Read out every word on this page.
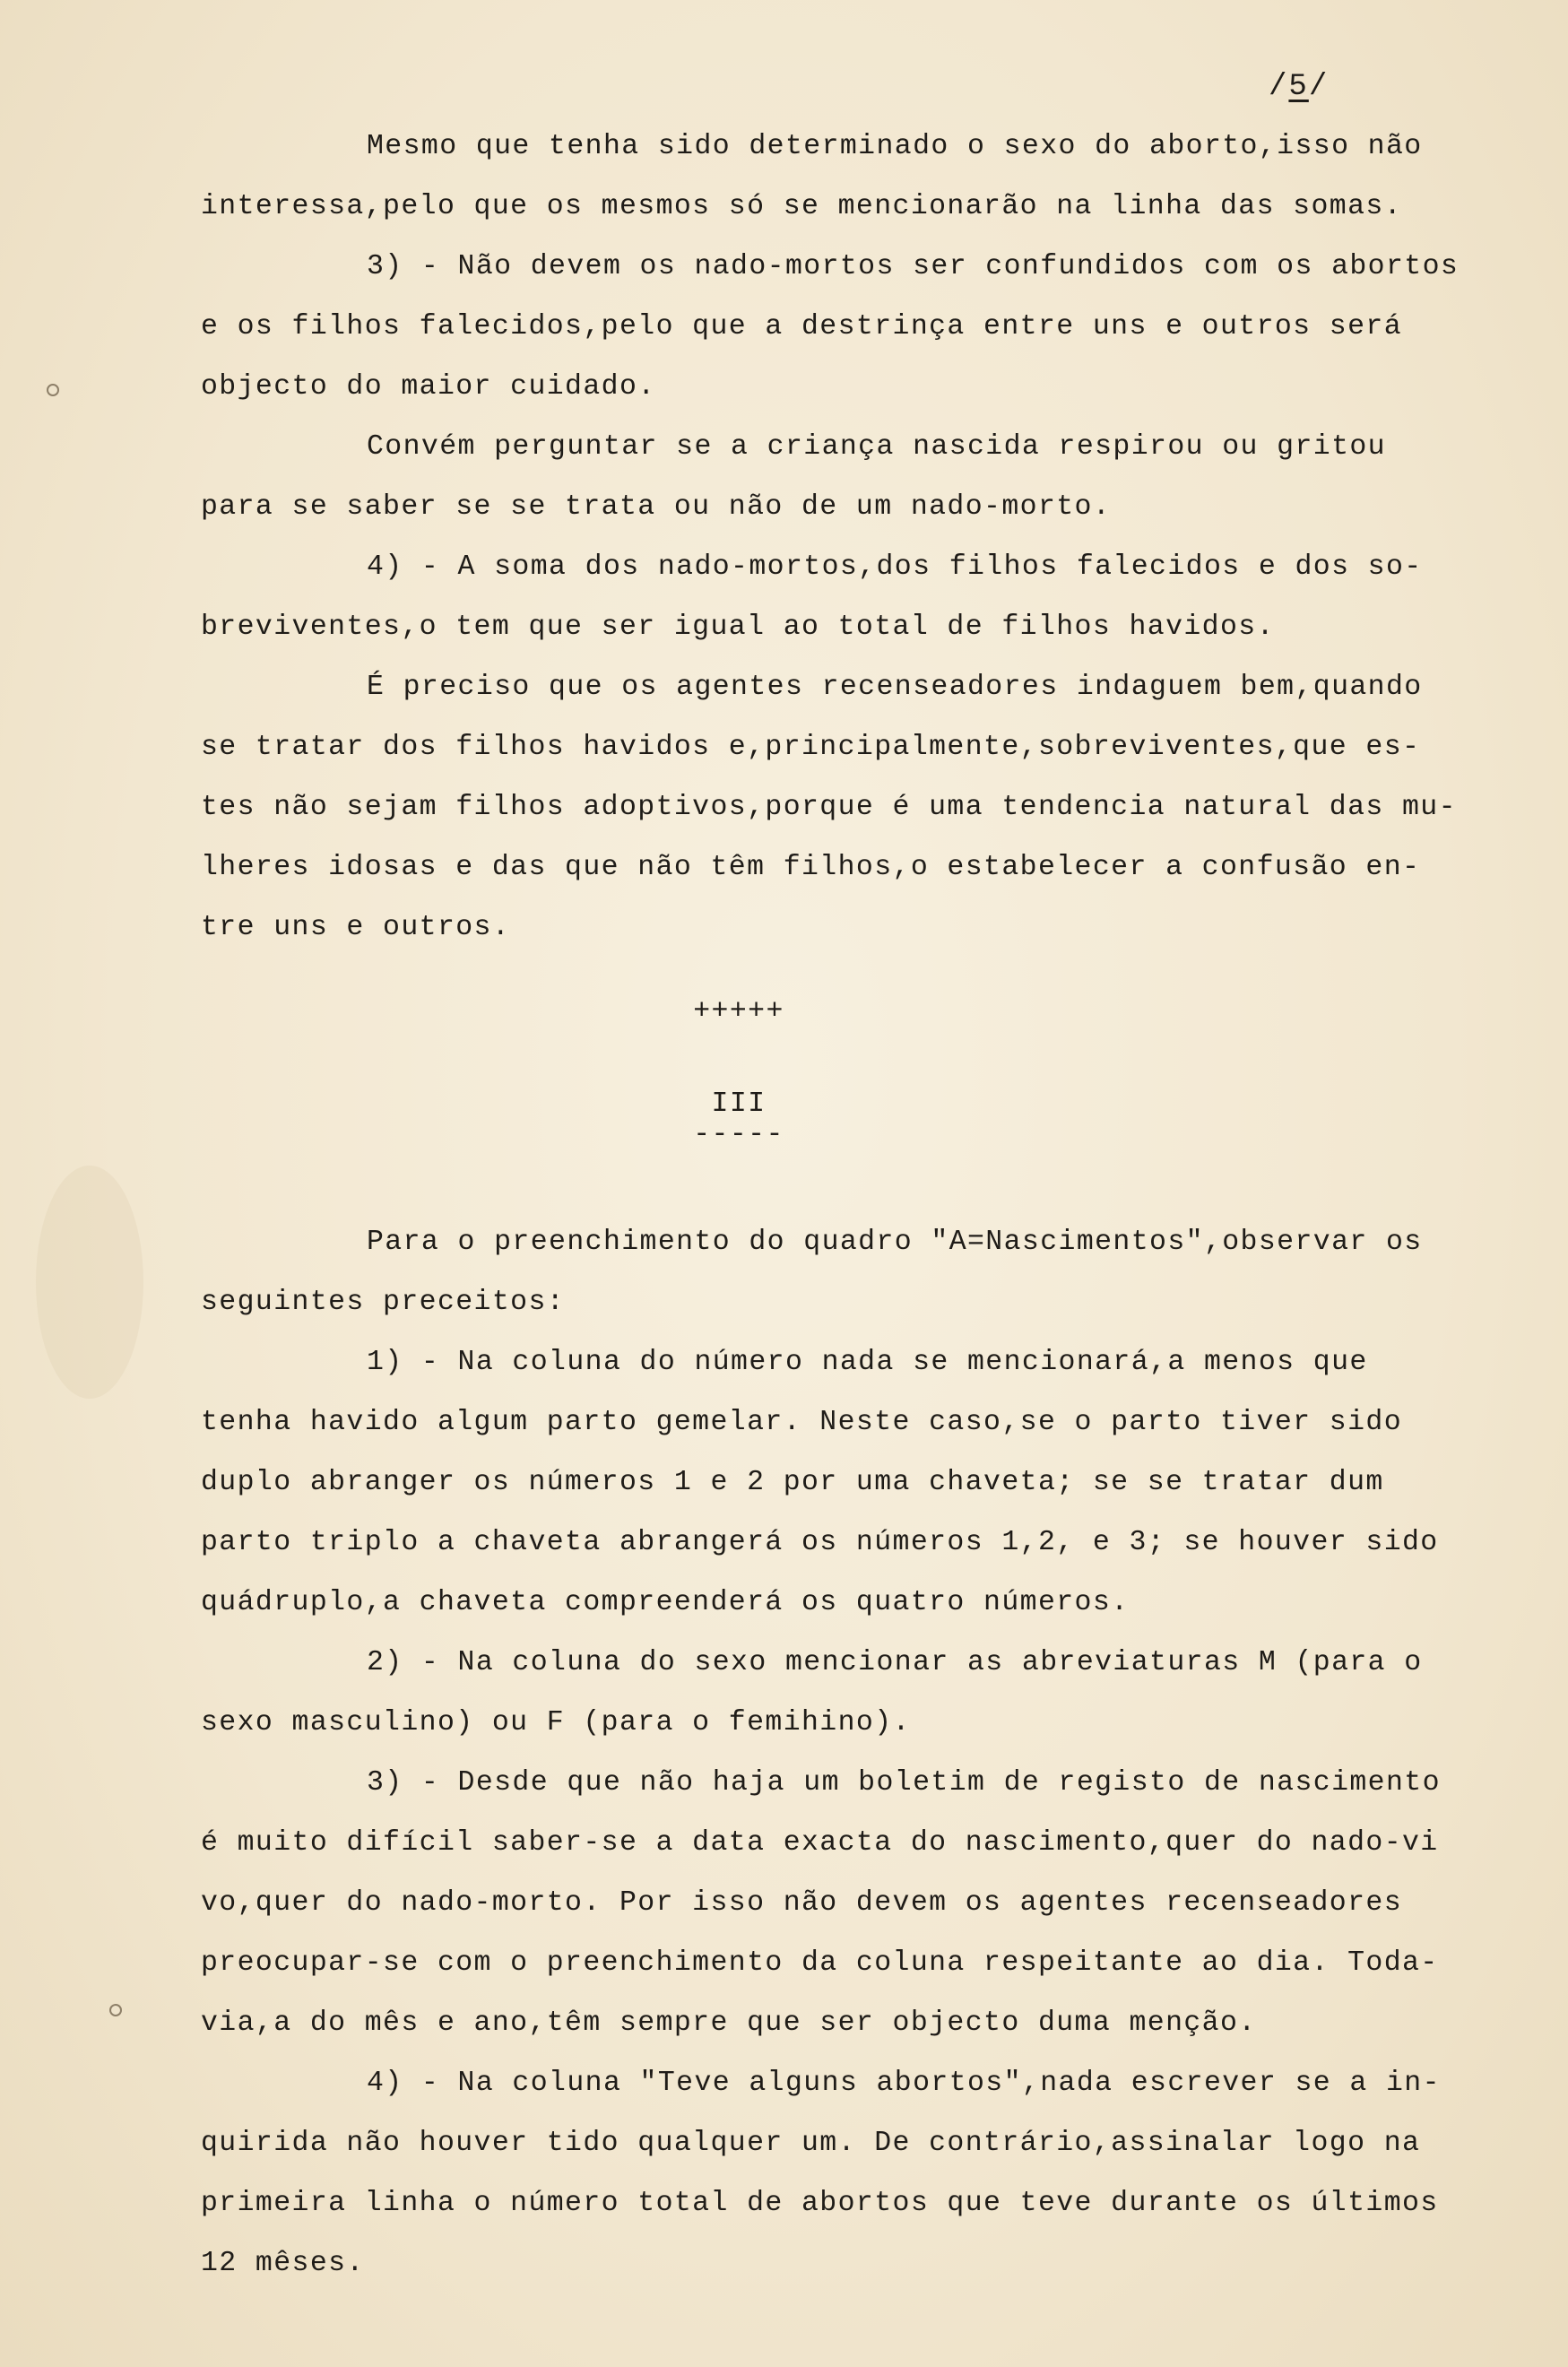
/5/
Mesmo que tenha sido determinado o sexo do aborto,isso não
interessa,pelo que os mesmos só se mencionarão na linha das somas.
3) - Não devem os nado-mortos ser confundidos com os abortos
e os filhos falecidos,pelo que a destrinça entre uns e outros será
objecto do maior cuidado.
Convém perguntar se a criança nascida respirou ou gritou
para se saber se se trata ou não de um nado-morto.
4) - A soma dos nado-mortos,dos filhos falecidos e dos so-
breviventes,o tem que ser igual ao total de filhos havidos.
É preciso que os agentes recenseadores indaguem bem,quando
se tratar dos filhos havidos e,principalmente,sobreviventes,que es-
tes não sejam filhos adoptivos,porque é uma tendencia natural das mu-
lheres idosas e das que não têm filhos,o estabelecer a confusão en-
tre uns e outros.
+++++
III
-----
Para o preenchimento do quadro "A=Nascimentos",observar os
seguintes preceitos:
1) - Na coluna do número nada se mencionará,a menos que
tenha havido algum parto gemelar. Neste caso,se o parto tiver sido
duplo abranger os números 1 e 2 por uma chaveta; se se tratar dum
parto triplo a chaveta abrangerá os números 1,2, e 3; se houver sido
quádruplo,a chaveta compreenderá os quatro números.
2) - Na coluna do sexo mencionar as abreviaturas M (para o
sexo masculino) ou F (para o femihino).
3) - Desde que não haja um boletim de registo de nascimento
é muito difícil saber-se a data exacta do nascimento,quer do nado-vi
vo,quer do nado-morto. Por isso não devem os agentes recenseadores
preocupar-se com o preenchimento da coluna respeitante ao dia. Toda-
via,a do mês e ano,têm sempre que ser objecto duma menção.
4) - Na coluna "Teve alguns abortos",nada escrever se a in-
quirida não houver tido qualquer um. De contrário,assinalar logo na
primeira linha o número total de abortos que teve durante os últimos
12 mêses.
